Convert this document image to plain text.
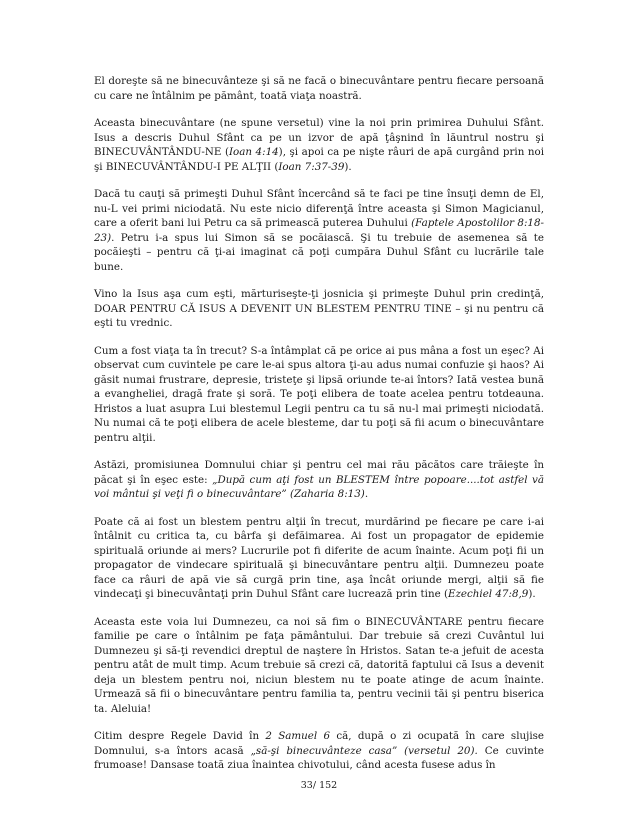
El doreşte să ne binecuvânteze şi să ne facă o binecuvântare pentru fiecare persoană cu care ne întâlnim pe pământ, toată viaţa noastră.

Aceasta binecuvântare (ne spune versetul) vine la noi prin primirea Duhului Sfânt. Isus a descris Duhul Sfânt ca pe un izvor de apă ţâşnind în lăuntrul nostru şi BINECUVÂNTÂNDU-NE (Ioan 4:14), şi apoi ca pe nişte râuri de apă curgând prin noi şi BINECUVÂNTÂNDU-I PE ALŢII (Ioan 7:37-39).

Dacă tu cauţi să primeşti Duhul Sfânt încercând să te faci pe tine însuţi demn de El, nu-L vei primi niciodată. Nu este nicio diferenţă între aceasta şi Simon Magicianul, care a oferit bani lui Petru ca să primească puterea Duhului (Faptele Apostolilor 8:18-23). Petru i-a spus lui Simon să se pocăiască. Şi tu trebuie de asemenea să te pocăieşti – pentru că ţi-ai imaginat că poţi cumpăra Duhul Sfânt cu lucrările tale bune.

Vino la Isus aşa cum eşti, mărturiseşte-ţi josnicia şi primeşte Duhul prin credinţă, DOAR PENTRU CĂ ISUS A DEVENIT UN BLESTEM PENTRU TINE – şi nu pentru că eşti tu vrednic.

Cum a fost viaţa ta în trecut? S-a întâmplat că pe orice ai pus mâna a fost un eşec? Ai observat cum cuvintele pe care le-ai spus altora ţi-au adus numai confuzie şi haos? Ai găsit numai frustrare, depresie, tristeţe şi lipsă oriunde te-ai întors? Iată vestea bună a evangheliei, dragă frate şi soră. Te poţi elibera de toate acelea pentru totdeauna. Hristos a luat asupra Lui blestemul Legii pentru ca tu să nu-l mai primeşti niciodată. Nu numai că te poţi elibera de acele blesteme, dar tu poţi să fii acum o binecuvântare pentru alţii.

Astăzi, promisiunea Domnului chiar şi pentru cel mai rău păcătos care trăieşte în păcat şi în eşec este: „După cum aţi fost un BLESTEM între popoare....tot astfel vă voi mântui şi veţi fi o binecuvântare” (Zaharia 8:13).

Poate că ai fost un blestem pentru alţii în trecut, murdărind pe fiecare pe care i-ai întâlnit cu critica ta, cu bârfa şi defăimarea. Ai fost un propagator de epidemie spirituală oriunde ai mers? Lucrurile pot fi diferite de acum înainte. Acum poţi fii un propagator de vindecare spirituală şi binecuvântare pentru alţii. Dumnezeu poate face ca râuri de apă vie să curgă prin tine, aşa încât oriunde mergi, alţii să fie vindecaţi şi binecuvântaţi prin Duhul Sfânt care lucrează prin tine (Ezechiel 47:8,9).

Aceasta este voia lui Dumnezeu, ca noi să fim o BINECUVÂNTARE pentru fiecare familie pe care o întâlnim pe faţa pământului. Dar trebuie să crezi Cuvântul lui Dumnezeu şi să-ţi revendici dreptul de naştere în Hristos. Satan te-a jefuit de acesta pentru atât de mult timp. Acum trebuie să crezi că, datorită faptului că Isus a devenit deja un blestem pentru noi, niciun blestem nu te poate atinge de acum înainte. Urmează să fii o binecuvântare pentru familia ta, pentru vecinii tăi şi pentru biserica ta. Aleluia!

Citim despre Regele David în 2 Samuel 6 că, după o zi ocupată în care slujise Domnului, s-a întors acasă „să-şi binecuvânteze casa” (versetul 20). Ce cuvinte frumoase! Dansase toată ziua înaintea chivotului, când acesta fusese adus în

33/ 152
